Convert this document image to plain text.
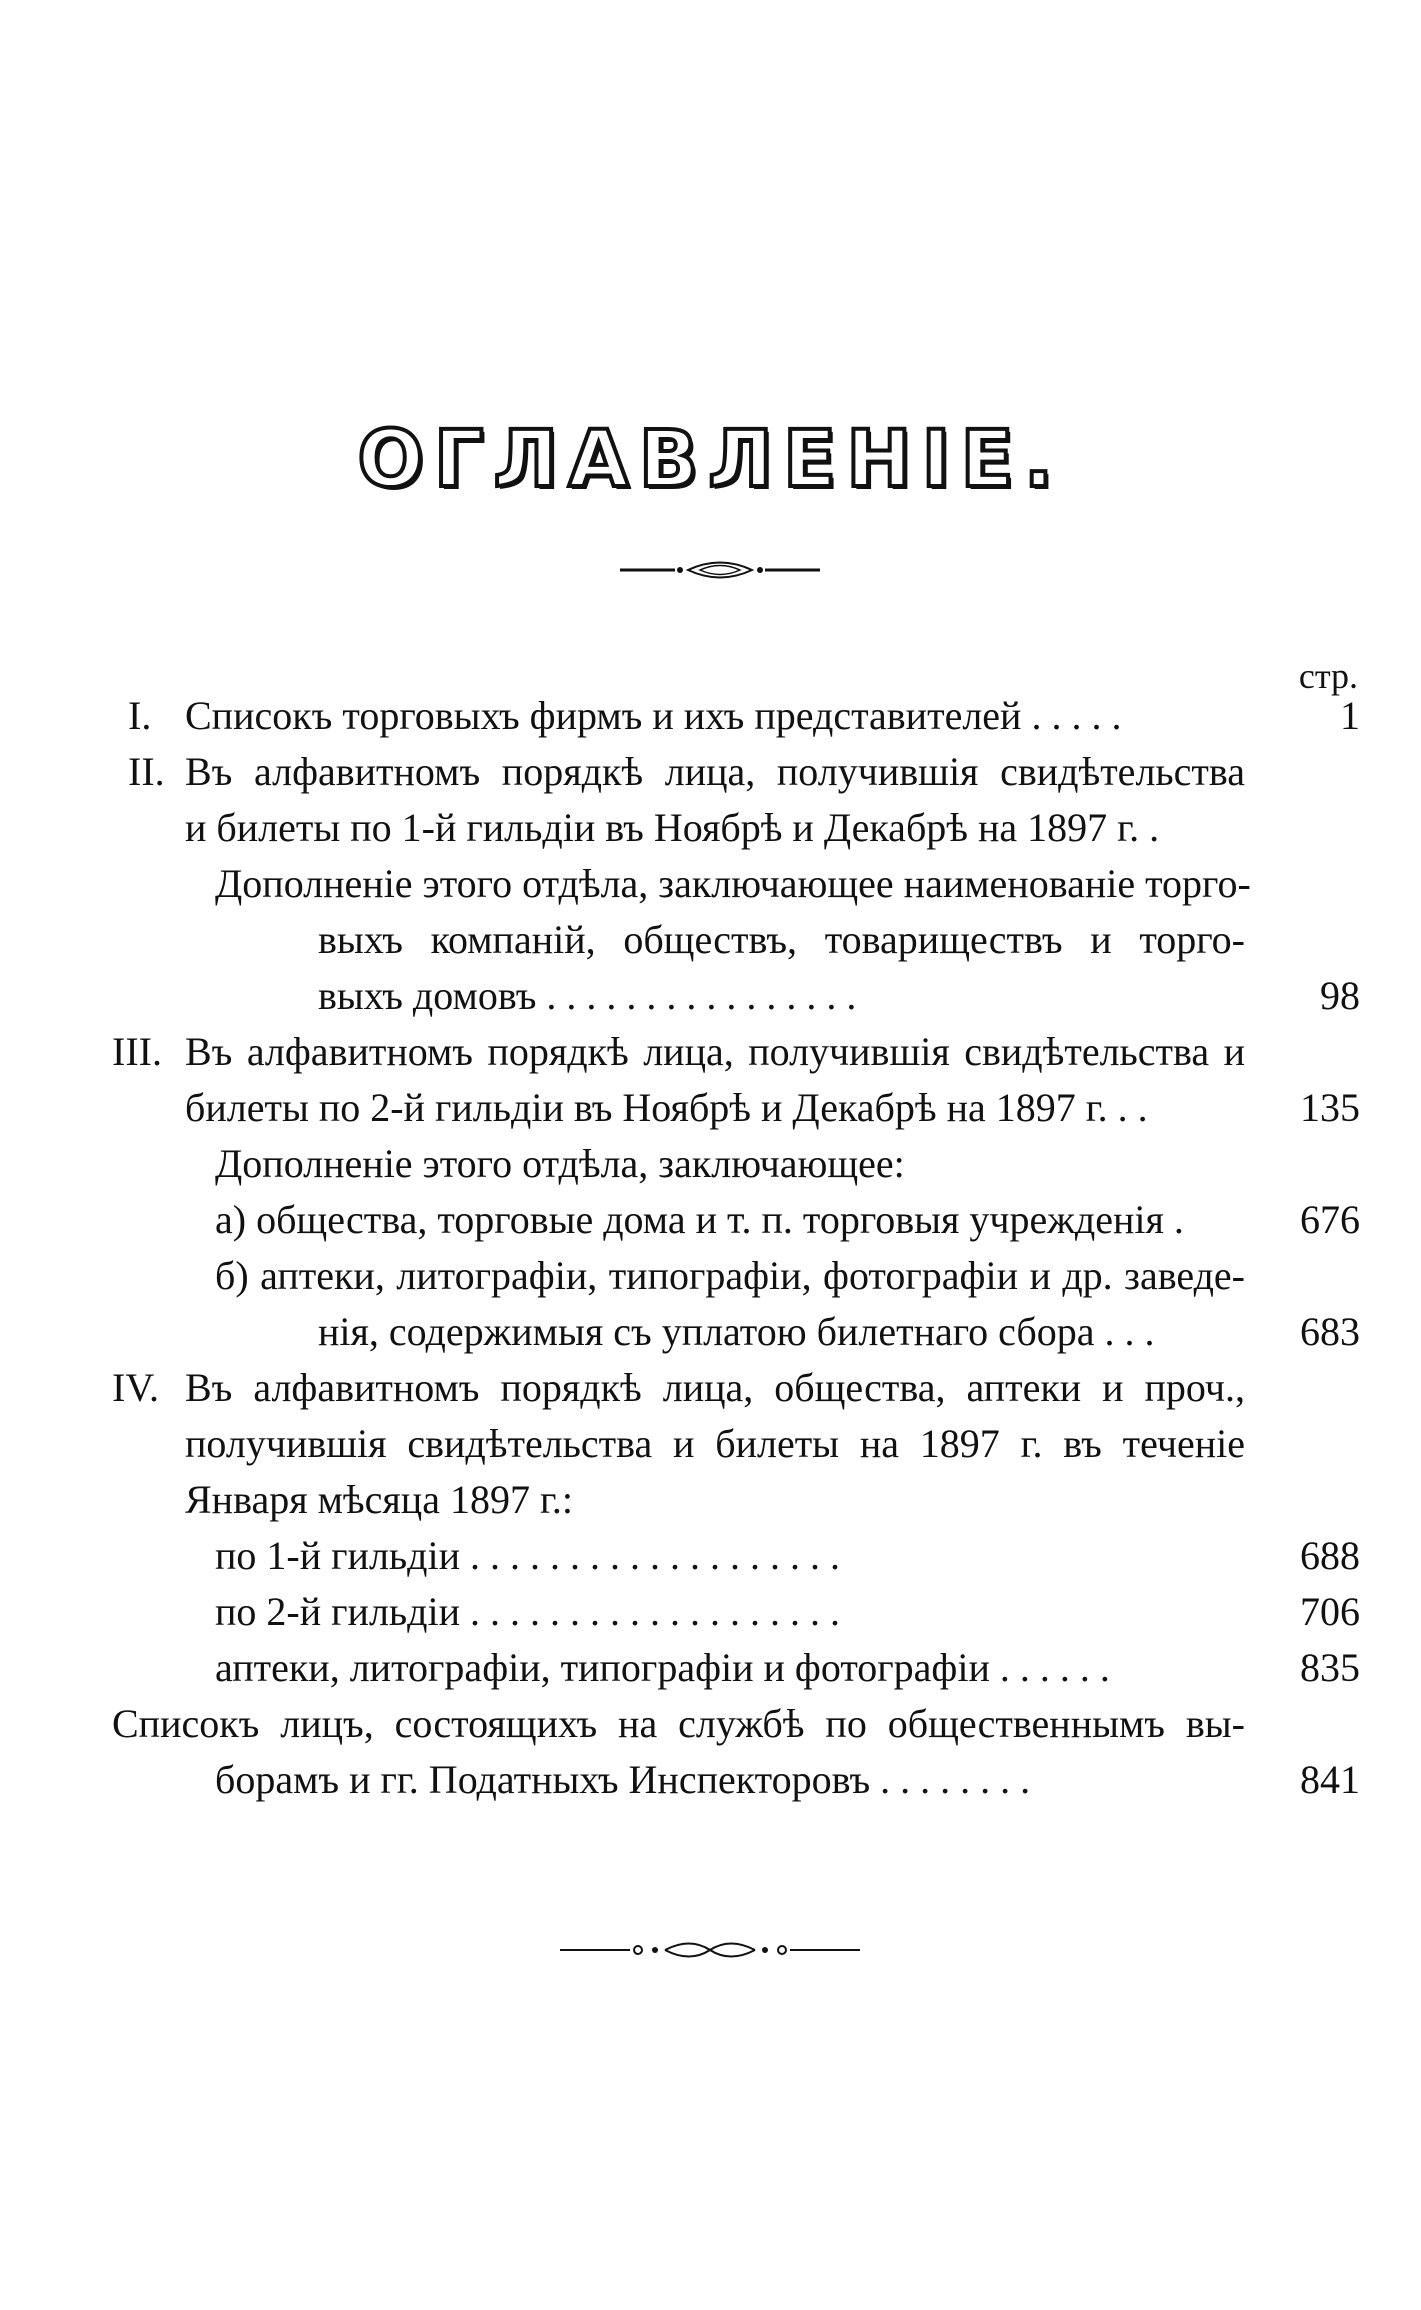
ОГЛАВЛЕНІЕ.
стр.
I. Списокъ торговыхъ фирмъ и ихъ представителей . . . . .	1
II. Въ алфавитномъ порядкѣ лица, получившія свидѣтельства
и билеты по 1-й гильдіи въ Ноябрѣ и Декабрѣ на 1897 г. .
Дополненіе этого отдѣла, заключающее наименованіе торго-
выхъ компаній, обществъ, товариществъ и торго-
выхъ домовъ . . . . . . . . . . . . . . . .	98
III. Въ алфавитномъ порядкѣ лица, получившія свидѣтельства и
билеты по 2-й гильдіи въ Ноябрѣ и Декабрѣ на 1897 г. . .	135
Дополненіе этого отдѣла, заключающее:
а) общества, торговые дома и т. п. торговыя учрежденія .	676
б) аптеки, литографіи, типографіи, фотографіи и др. заведе-
нія, содержимыя съ уплатою билетнаго сбора . . .	683
IV. Въ алфавитномъ порядкѣ лица, общества, аптеки и проч.,
получившія свидѣтельства и билеты на 1897 г. въ теченіе
Января мѣсяца 1897 г.:
по 1-й гильдіи . . . . . . . . . . . . . . . . . . .	688
по 2-й гильдіи . . . . . . . . . . . . . . . . . . .	706
аптеки, литографіи, типографіи и фотографіи . . . . . .	835
Списокъ лицъ, состоящихъ на службѣ по общественнымъ вы-
борамъ и гг. Податныхъ Инспекторовъ . . . . . . . .	841
